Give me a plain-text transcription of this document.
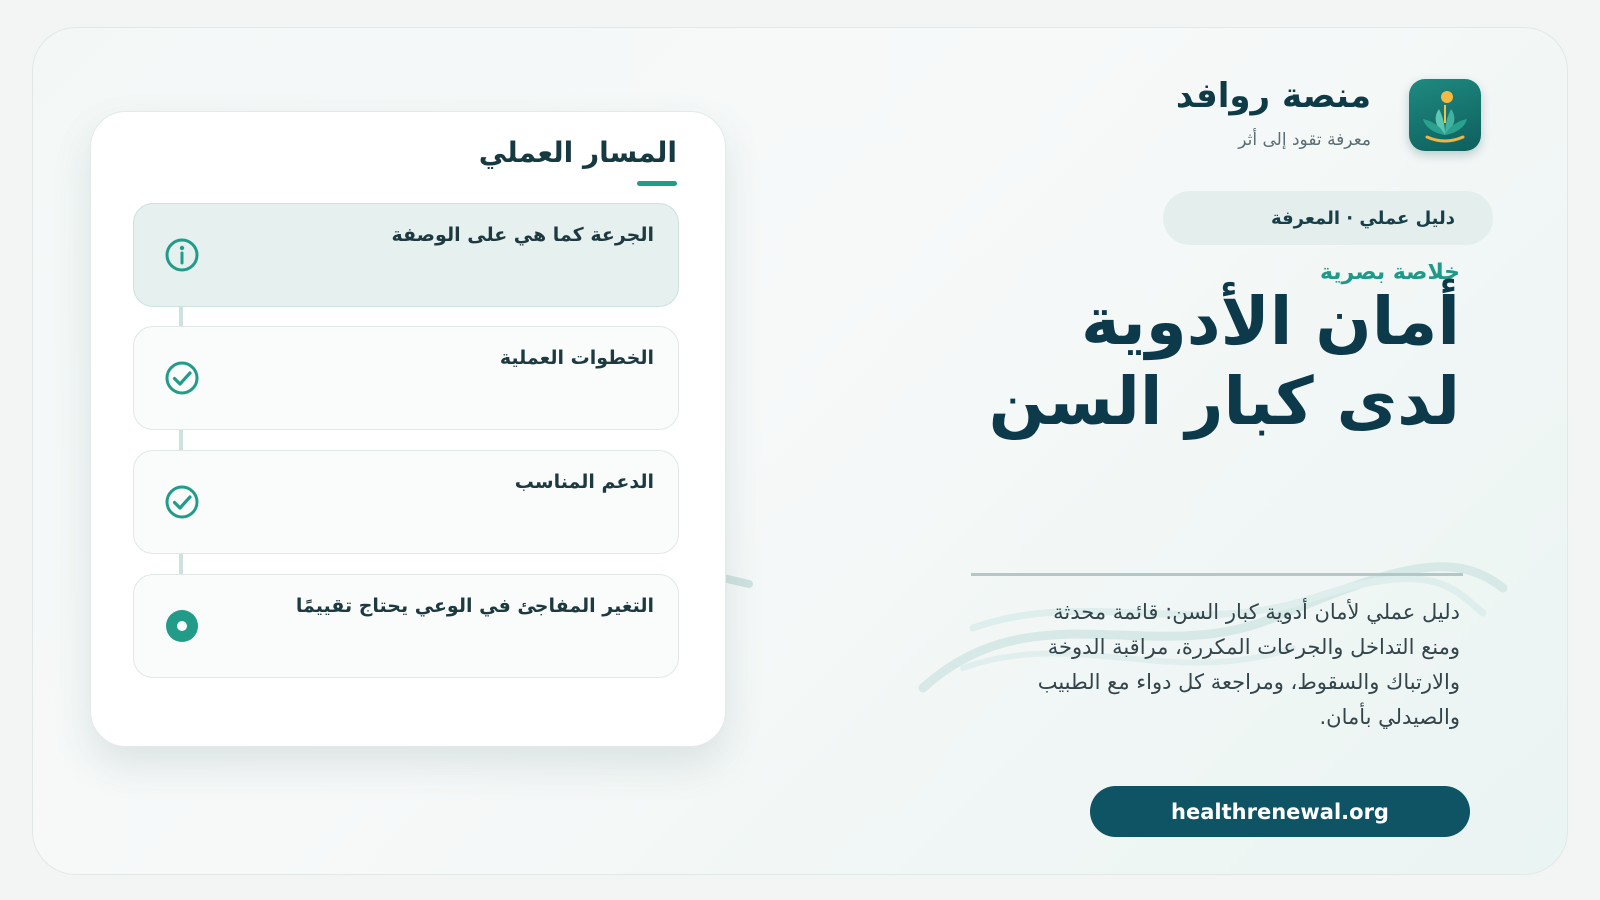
منصة روافد
معرفة تقود إلى أثر
دليل عملي · المعرفة
خلاصة بصرية
أمان الأدوية
لدى كبار السن

دليل عملي لأمان أدوية كبار السن: قائمة محدثة ومنع التداخل والجرعات المكررة، مراقبة الدوخة والارتباك والسقوط، ومراجعة كل دواء مع الطبيب والصيدلي بأمان.

healthrenewal.org
المسار العملي
الجرعة كما هي على الوصفة
الخطوات العملية
الدعم المناسب
التغير المفاجئ في الوعي يحتاج تقييمًا
